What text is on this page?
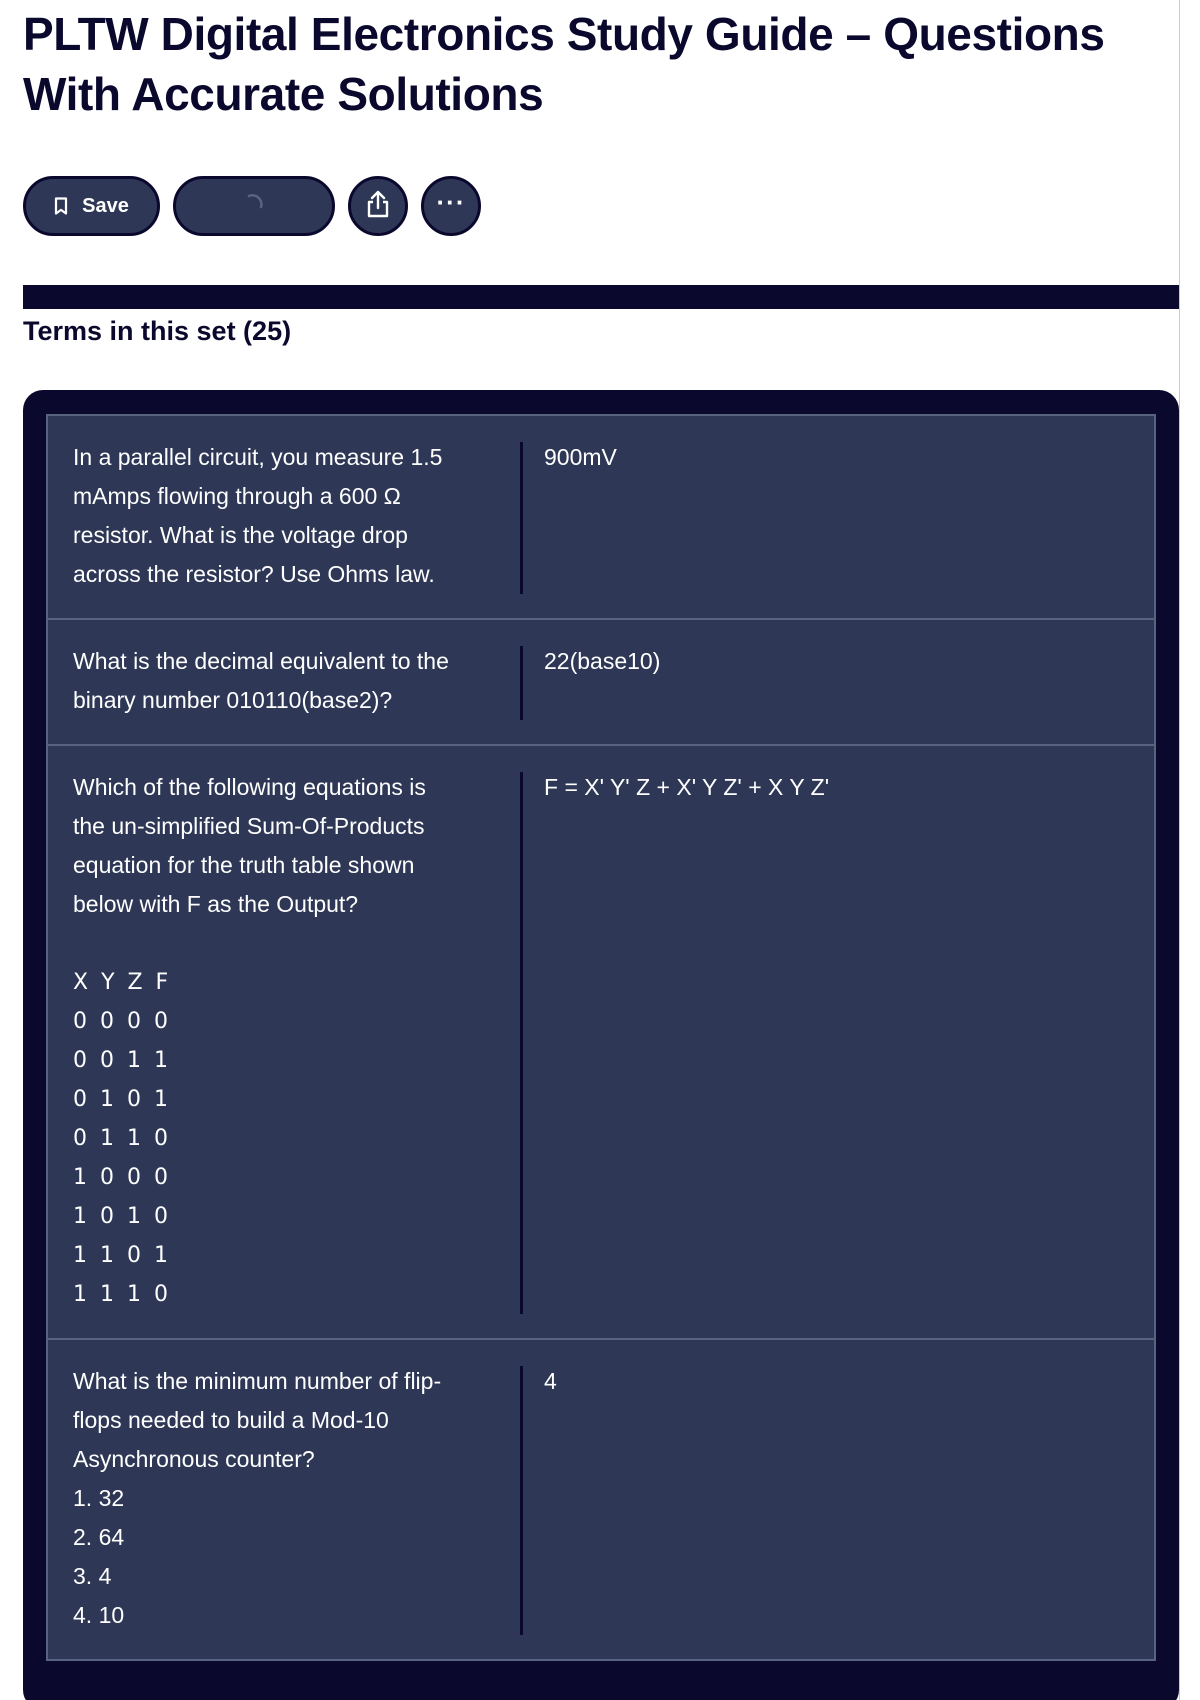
PLTW Digital Electronics Study Guide – Questions With Accurate Solutions
Save	···
Terms in this set (25)
In a parallel circuit, you measure 1.5
mAmps flowing through a 600 Ω
resistor. What is the voltage drop
across the resistor? Use Ohms law.
900mV
What is the decimal equivalent to the
binary number 010110(base2)?
22(base10)
Which of the following equations is
the un-simplified Sum-Of-Products
equation for the truth table shown
below with F as the Output?
X Y Z F
0 0 0 0
0 0 1 1
0 1 0 1
0 1 1 0
1 0 0 0
1 0 1 0
1 1 0 1
1 1 1 0
F = X' Y' Z + X' Y Z' + X Y Z'
What is the minimum number of flip-
flops needed to build a Mod-10
Asynchronous counter?
1. 32
2. 64
3. 4
4. 10
4
